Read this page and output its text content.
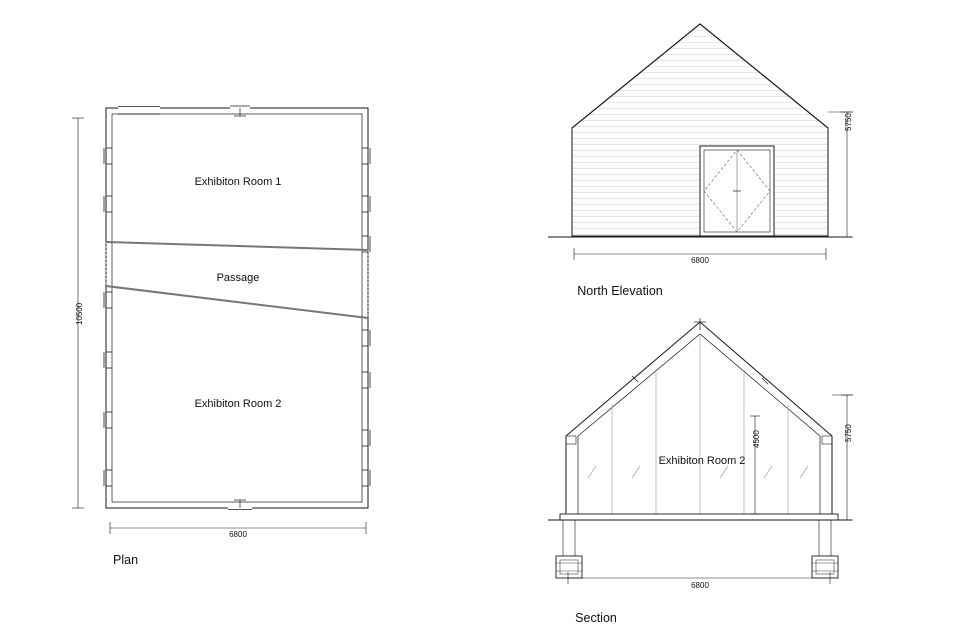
Exhibiton Room 1
Passage
Exhibiton Room 2
10500
6800
Plan
5750
6800
North Elevation
Exhibiton Room 2
4500	5750
6800
Section
